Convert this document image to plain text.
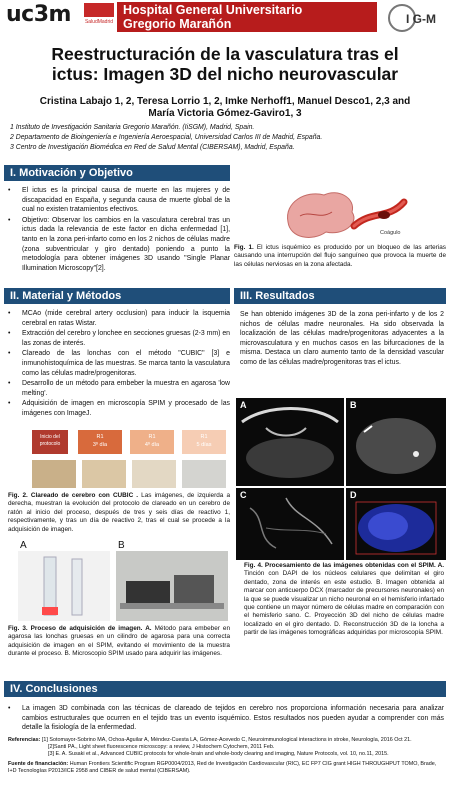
uc3m	SaludMadrid
Hospital General Universitario
Gregorio Marañón	I G-M
Reestructuración de la vasculatura tras el
ictus: Imagen 3D del nicho neurovascular
Cristina Labajo 1, 2, Teresa Lorrio 1, 2, Imke Nerhoff1, Manuel Desco1, 2,3 and
María Victoria Gómez-Gaviro1, 3
1 Instituto de Investigación Sanitaria Gregorio Marañón. (IiSGM), Madrid, Spain.
2 Departamento de Bioingeniería e Ingeniería Aeroespacial, Universidad Carlos III de Madrid, España.
3 Centro de Investigación Biomédica en Red de Salud Mental (CIBERSAM), Madrid, España.
I. Motivación y Objetivo
• El ictus es la principal causa de muerte en las mujeres y de discapacidad en España, y segunda causa de muerte global de la cual no existen tratamientos efectivos.
• Objetivo: Observar los cambios en la vasculatura cerebral tras un ictus dada la relevancia de este factor en dicha enfermedad [1], tanto en la zona peri-infarto como en los 2 nichos de células madre (zona subventricular y giro dentado) poniendo a punto la metodología para obtener imágenes 3D usando "Single Planar Illumination Microscopy"[2].
Coágulo
Fig. 1. El ictus isquémico es producido por un bloqueo de las arterias causando una interrupción del flujo sanguíneo que provoca la muerte de las células nerviosas en la zona afectada.
II. Material y Métodos
• MCAo (mide cerebral artery occlusion) para inducir la isquemia cerebral en ratas Wistar.
• Extracción del cerebro y lonchee en secciones gruesas (2-3 mm) en las zonas de interés.
• Clareado de las lonchas con el método "CUBIC" [3] e inmunohistoquímica de las muestras. Se marca tanto la vasculatura como las células madre/progenitoras.
• Desarrollo de un método para embeber la muestra en agarosa 'low melting'.
• Adquisición de imagen en microscopía SPIM y procesado de las imágenes con ImageJ.
Inicio del protocolo
R1
3º día
R1
4º día
R1
5 días
Fig. 2. Clareado de cerebro con CUBIC . Las imágenes, de izquierda a derecha, muestran la evolución del protocolo de clareado en un cerebro de ratón al inicio del proceso, después de tres y seis días de reactivo 1, respectivamente, y tras un día de reactivo 2, tras el cual se procede a la adquisición de imagen.
A	B
Fig. 3. Proceso de adquisición de imagen. A. Método para embeber en agarosa las lonchas gruesas en un cilindro de agarosa para una correcta adquisición de imagen en el SPIM, evitando el movimiento de la muestra durante el proceso. B. Microscopio SPIM usado para adquirir las imágenes.
III. Resultados
Se han obtenido imágenes 3D de la zona peri-infarto y de los 2 nichos de células madre neuronales. Ha sido observada la localización de las células madre/progenitoras adyacentes a la microvasculatura y en muchos casos en las bifurcaciones de la misma. Destaca un claro aumento tanto de la densidad vascular como de las células madre/progenitoras tras el ictus.
A	B
C	D
Fig. 4. Procesamiento de las imágenes obtenidas con el SPIM. A. Tinción con DAPI de los núcleos celulares que delimitan el giro dentado, zona de interés en este estudio. B. Imagen obtenida al marcar con anticuerpo DCX (marcador de precursores neuronales) en la que se puede visualizar un nicho neuronal en el hemisferio infartado que contiene un mayor número de células madre en comparación con el hemisferio sano. C. Proyección 3D del nicho de células madre localizado en el giro dentado. D. Reconstrucción 3D de la loncha a partir de las imágenes tomográficas adquiridas por microscopía SPIM.
IV. Conclusiones
• La imagen 3D combinada con las técnicas de clareado de tejidos en cerebro nos proporciona información necesaria para analizar cambios estructurales que ocurren en el tejido tras un evento isquémico. Estos resultados nos pueden ayudar a comprender con más detalle la fisiología de la enfermedad.
Referencias: [1] Sotomayor-Sobrino MA, Ochoa-Aguilar A, Méndez-Cuesta LA, Gómez-Acevedo C, Neuroimmunological interactions in stroke, Neurología, 2016 Oct 21.
[2]Santi PA., Light sheet fluorescence microscopy: a review, J Histochem Cytochem, 2011 Feb.
[3] E. A. Susaki et al., Advanced CUBIC protocols for whole-brain and whole-body clearing and imaging, Nature Protocols, vol. 10, no.11, 2015.
Fuente de financiación: Human Frontiers Scientific Program RGP0004/2013, Red de Investigación Cardiovascular (RIC), EC FP7 CIG grant HIGH THROUGHPUT TOMO, Brade, I+D Tecnologías P2013/ICE 2958 and CIBER de salud mental (CIBERSAM).
